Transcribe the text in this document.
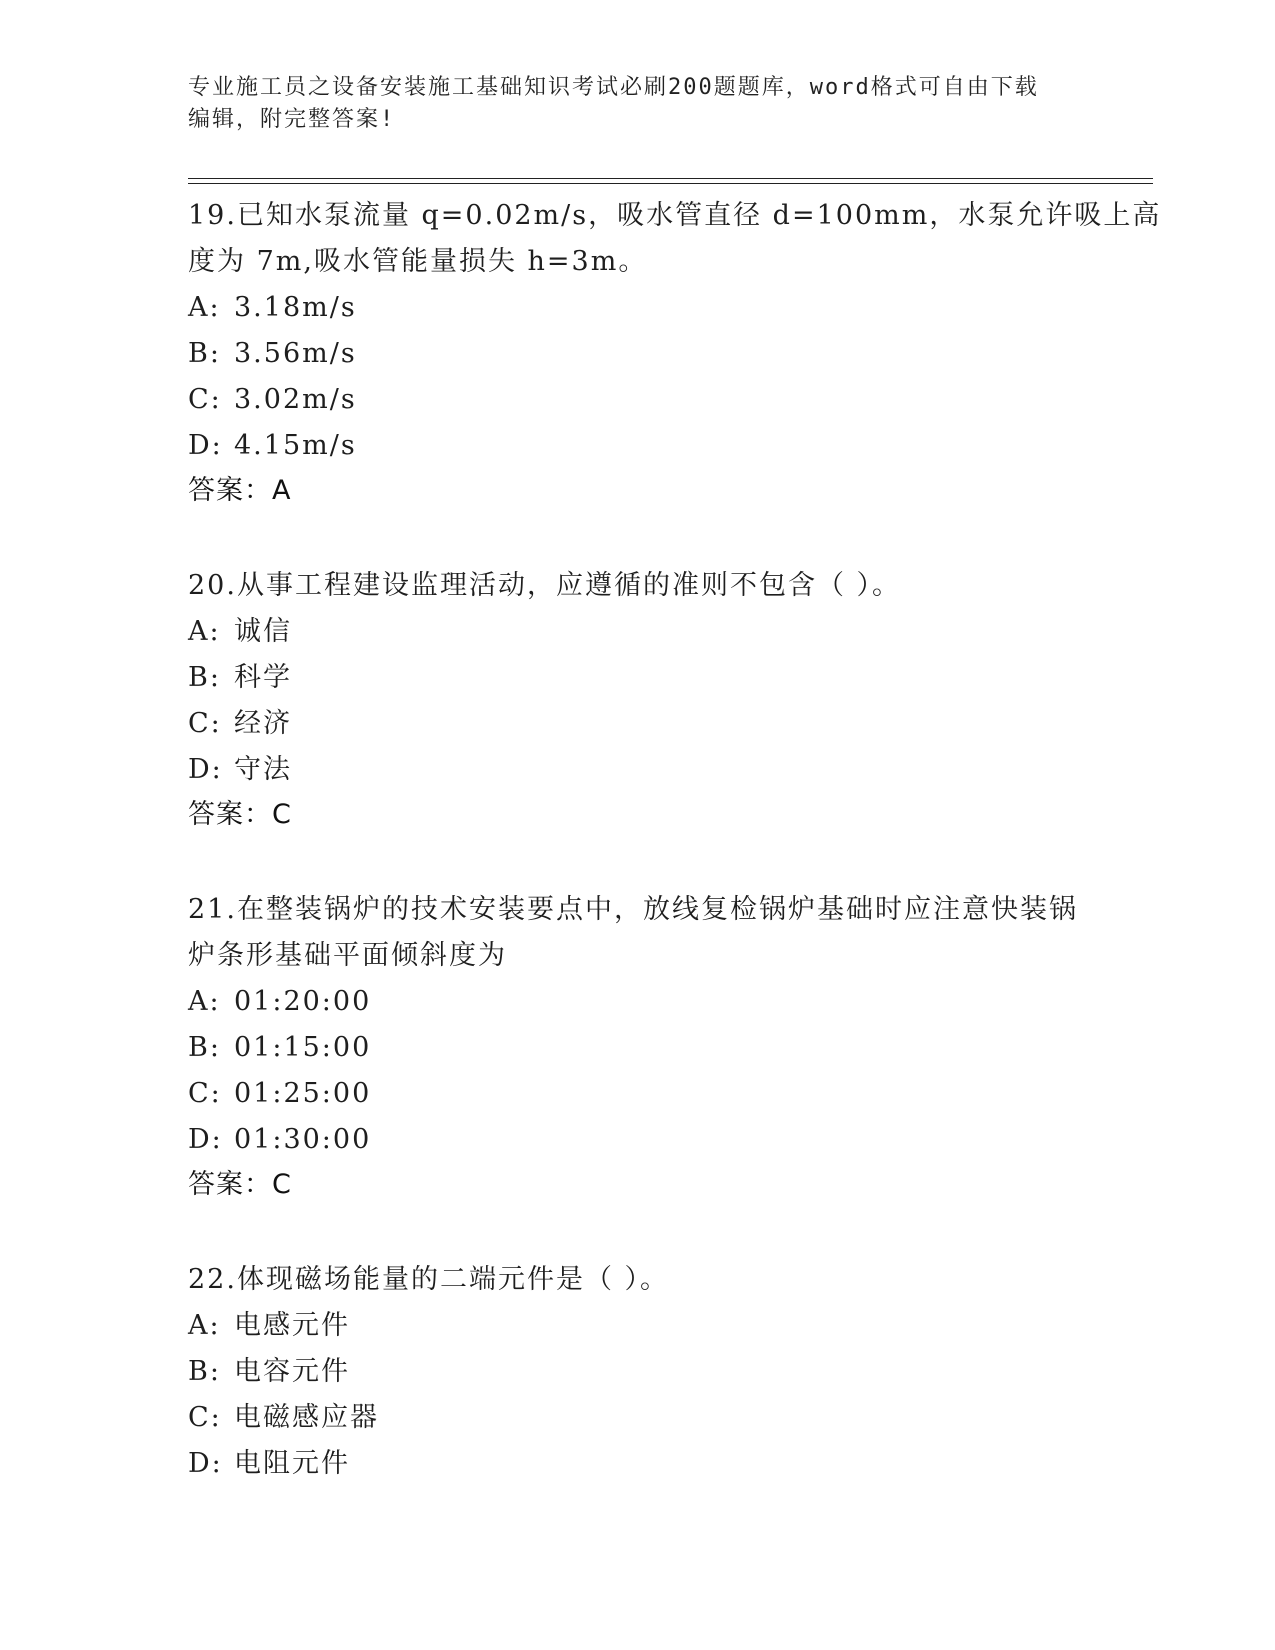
专业施工员之设备安装施工基础知识考试必刷200题题库，word格式可自由下载
编辑，附完整答案!
19.已知水泵流量 q=0.02m/s，吸水管直径 d=100mm，水泵允许吸上高
度为 7m,吸水管能量损失 h=3m。
A: 3.18m/s
B: 3.56m/s
C: 3.02m/s
D: 4.15m/s
答案：A
20.从事工程建设监理活动，应遵循的准则不包含（ ）。
A: 诚信
B: 科学
C: 经济
D: 守法
答案：C
21.在整装锅炉的技术安装要点中，放线复检锅炉基础时应注意快装锅
炉条形基础平面倾斜度为
A: 01:20:00
B: 01:15:00
C: 01:25:00
D: 01:30:00
答案：C
22.体现磁场能量的二端元件是（ ）。
A: 电感元件
B: 电容元件
C: 电磁感应器
D: 电阻元件
